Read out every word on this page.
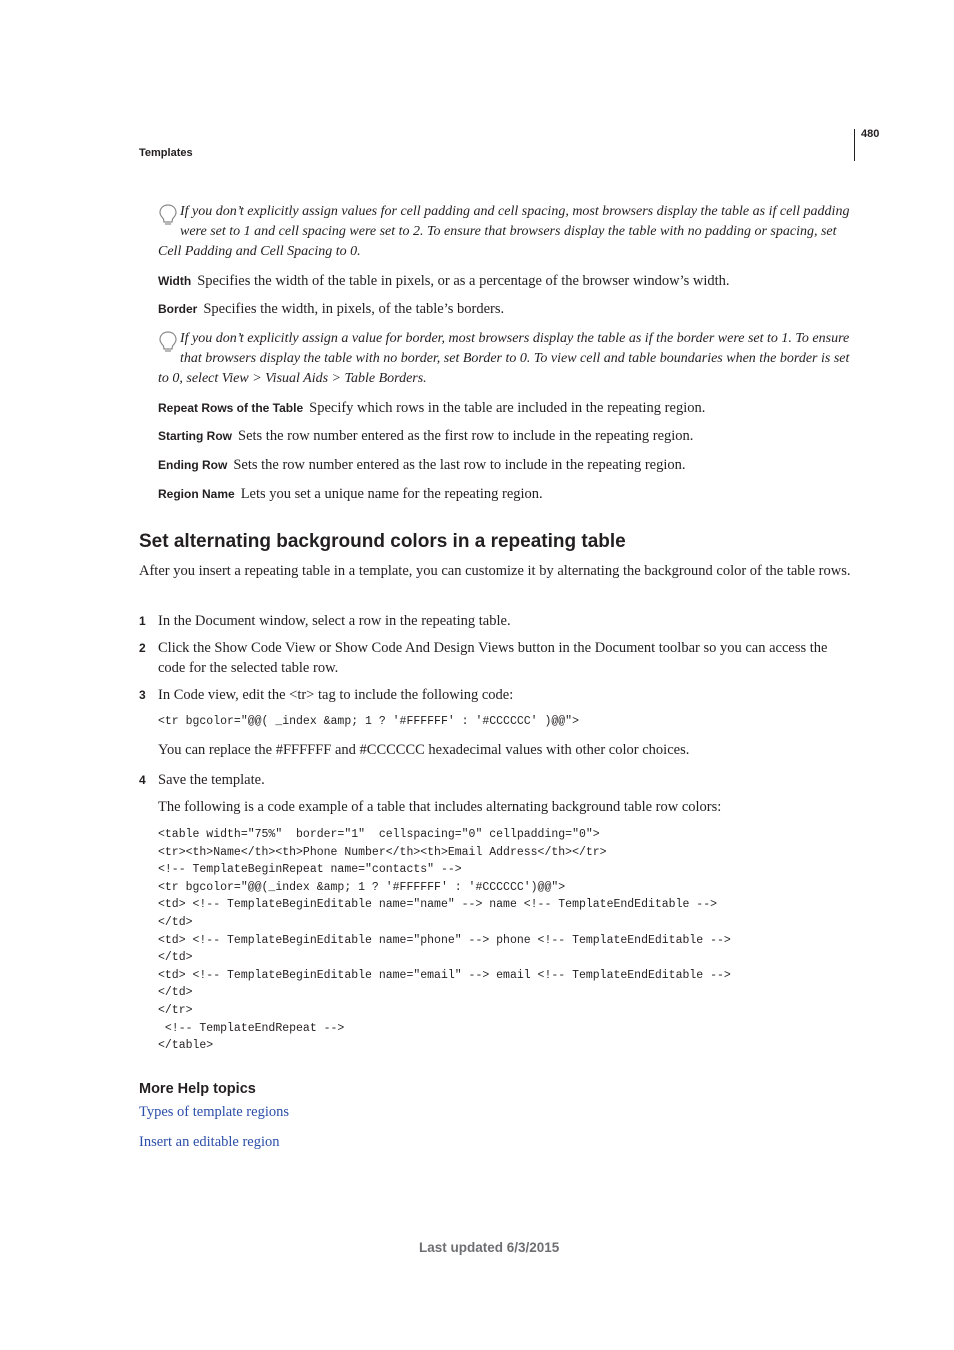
480
Templates
If you don’t explicitly assign values for cell padding and cell spacing, most browsers display the table as if cell padding were set to 1 and cell spacing were set to 2. To ensure that browsers display the table with no padding or spacing, set Cell Padding and Cell Spacing to 0.
Width Specifies the width of the table in pixels, or as a percentage of the browser window’s width.
Border Specifies the width, in pixels, of the table’s borders.
If you don’t explicitly assign a value for border, most browsers display the table as if the border were set to 1. To ensure that browsers display the table with no border, set Border to 0. To view cell and table boundaries when the border is set to 0, select View > Visual Aids > Table Borders.
Repeat Rows of the Table Specify which rows in the table are included in the repeating region.
Starting Row Sets the row number entered as the first row to include in the repeating region.
Ending Row Sets the row number entered as the last row to include in the repeating region.
Region Name Lets you set a unique name for the repeating region.
Set alternating background colors in a repeating table
After you insert a repeating table in a template, you can customize it by alternating the background color of the table rows.
1 In the Document window, select a row in the repeating table.
2 Click the Show Code View or Show Code And Design Views button in the Document toolbar so you can access the code for the selected table row.
3 In Code view, edit the <tr> tag to include the following code:
<tr bgcolor="@@( _index &amp; 1 ? '#FFFFFF' : '#CCCCCC' )@@">
You can replace the #FFFFFF and #CCCCCC hexadecimal values with other color choices.
4 Save the template.
The following is a code example of a table that includes alternating background table row colors:
<table width="75%"  border="1"  cellspacing="0" cellpadding="0">
<tr><th>Name</th><th>Phone Number</th><th>Email Address</th></tr>
<!-- TemplateBeginRepeat name="contacts" -->
<tr bgcolor="@@(_index &amp; 1 ? '#FFFFFF' : '#CCCCCC')@@">
<td> <!-- TemplateBeginEditable name="name" --> name <!-- TemplateEndEditable -->
</td>
<td> <!-- TemplateBeginEditable name="phone" --> phone <!-- TemplateEndEditable -->
</td>
<td> <!-- TemplateBeginEditable name="email" --> email <!-- TemplateEndEditable -->
</td>
</tr>
<!-- TemplateEndRepeat -->
</table>
More Help topics
Types of template regions
Insert an editable region
Last updated 6/3/2015
